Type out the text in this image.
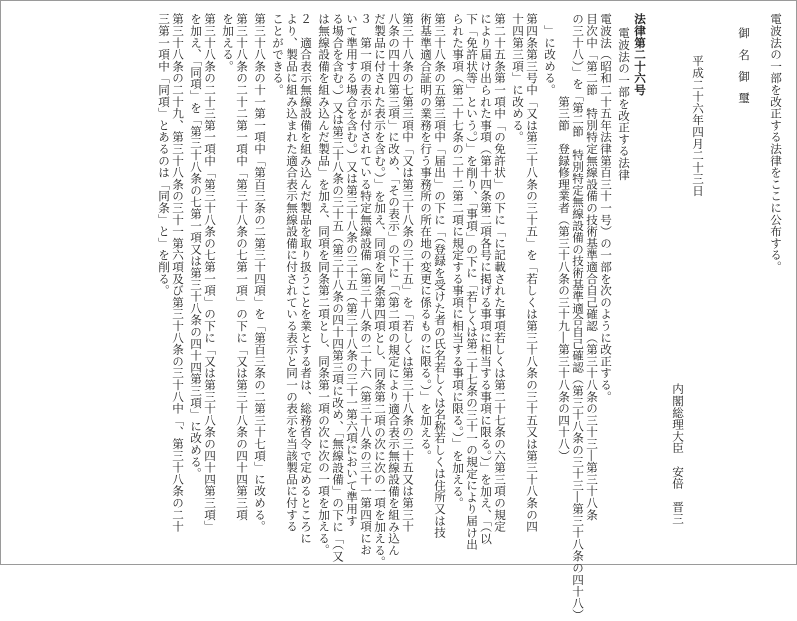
電波法の一部を改正する法律をここに公布する。
御名御璽
平成二十六年四月二十三日
内閣総理大臣　安倍　晋三
法律第二十六号
電波法の一部を改正する法律
電波法（昭和二十五年法律第百三十一号）の一部を次のように改正する。
目次中「第二節　特別特定無線設備の技術基準適合自己確認（第三十八条の三十三―第三十八条
の三十八）」を「第二節　特別特定無線設備の技術基準適合自己確認（第三十八条の三十三―第三十八条の四十八）
　　　　　　　第三節　登録修理業者（第三十八条の三十九―第三十八条の四十八）
　」に改める。
第四条第三号中「又は第三十八条の三十五」を「若しくは第三十八条の三十五又は第三十八条の四
十四第三項」に改める。
第二十五条第一項中「の免許状」の下に「に記載された事項若しくは第二十七条の六第三項の規定
により届け出られた事項（第十四条第二項各号に掲げる事項に相当する事項に限る。）」を加え、「（以
下「免許状等」という。）」を削り、「事項」の下に「若しくは第二十七条の三十一の規定により届け出
られた事項（第二十七条の二十二第二項に規定する事項に相当する事項に限る。）」を加える。
第三十八条の五第三項中「届出」の下に「（登録を受けた者の氏名若しくは名称若しくは住所又は技
術基準適合証明の業務を行う事務所の所在地の変更に係るものに限る。）」を加える。
第三十八条の七第三項中「又は第三十八条の三十五」を「若しくは第三十八条の三十五又は第三十
八条の四十四第三項」に改め、「その表示」の下に「（第二項の規定により適合表示無線設備を組み込ん
だ製品に付された表示を含む。）」を加え、同項を同条第四項とし、同条第二項の次に次の一項を加える。
３　第一項の表示が付されている特定無線設備（第三十八条の二十六（第三十八条の三十一第四項にお
いて準用する場合を含む。）又は第三十八条の三十五（第三十八条の三十一第六項において準用す
る場合を含む。）又は第三十八条の三十五（第三十八条の四十四第三項に改め、「無線設備」の下に「（又
は無線設備を組み込んだ製品」を加え、同項を同条第二項とし、同条第一項の次に次の一項を加える。
２　適合表示無線設備を組み込んだ製品を取り扱うことを業とする者は、総務省令で定めるところに
より、製品に組み込まれた適合表示無線設備に付されている表示と同一の表示を当該製品に付する
ことができる。
第三十八条の十一第一項中「第百三条の二第三十四項」を「第百三条の二第三十七項」に改める。
第三十八条の二十二第一項中「第三十八条の七第一項」の下に「又は第三十八条の四十四第三項
を加える。
第三十八条の二十三第一項中「第三十八条の七第一項」の下に「又は第三十八条の四十四第三項」
を加え、「同項」を「第三十八条の七第一項又は第三十八条の四十四第三項」に改める。
第三十八条の二十九、第三十八条の三十一第六項及び第三十八条の三十八中「、第三十八条の二十
三第一項中「同項」とあるのは「同条」と」を削る。
